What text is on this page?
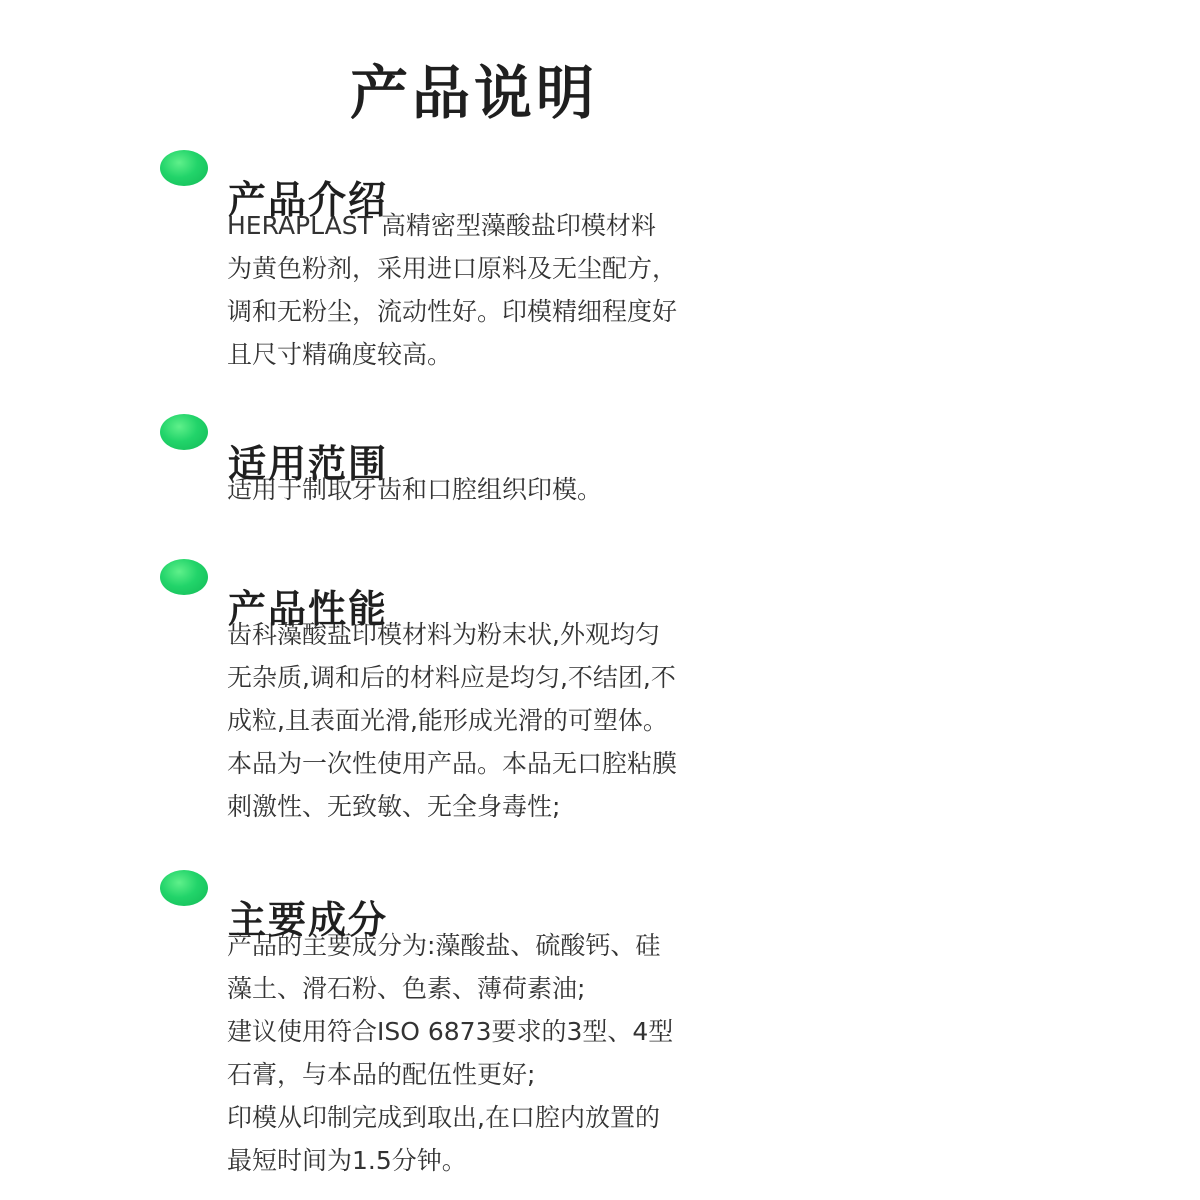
产品说明
产品介绍
HERAPLAST 高精密型藻酸盐印模材料
为黄色粉剂，采用进口原料及无尘配方，
调和无粉尘，流动性好。印模精细程度好
且尺寸精确度较高。
适用范围
适用于制取牙齿和口腔组织印模。
产品性能
齿科藻酸盐印模材料为粉末状,外观均匀
无杂质,调和后的材料应是均匀,不结团,不
成粒,且表面光滑,能形成光滑的可塑体。
本品为一次性使用产品。本品无口腔粘膜
刺激性、无致敏、无全身毒性;
主要成分
产品的主要成分为:藻酸盐、硫酸钙、硅
藻土、滑石粉、色素、薄荷素油;
建议使用符合ISO 6873要求的3型、4型
石膏，与本品的配伍性更好;
印模从印制完成到取出,在口腔内放置的
最短时间为1.5分钟。
